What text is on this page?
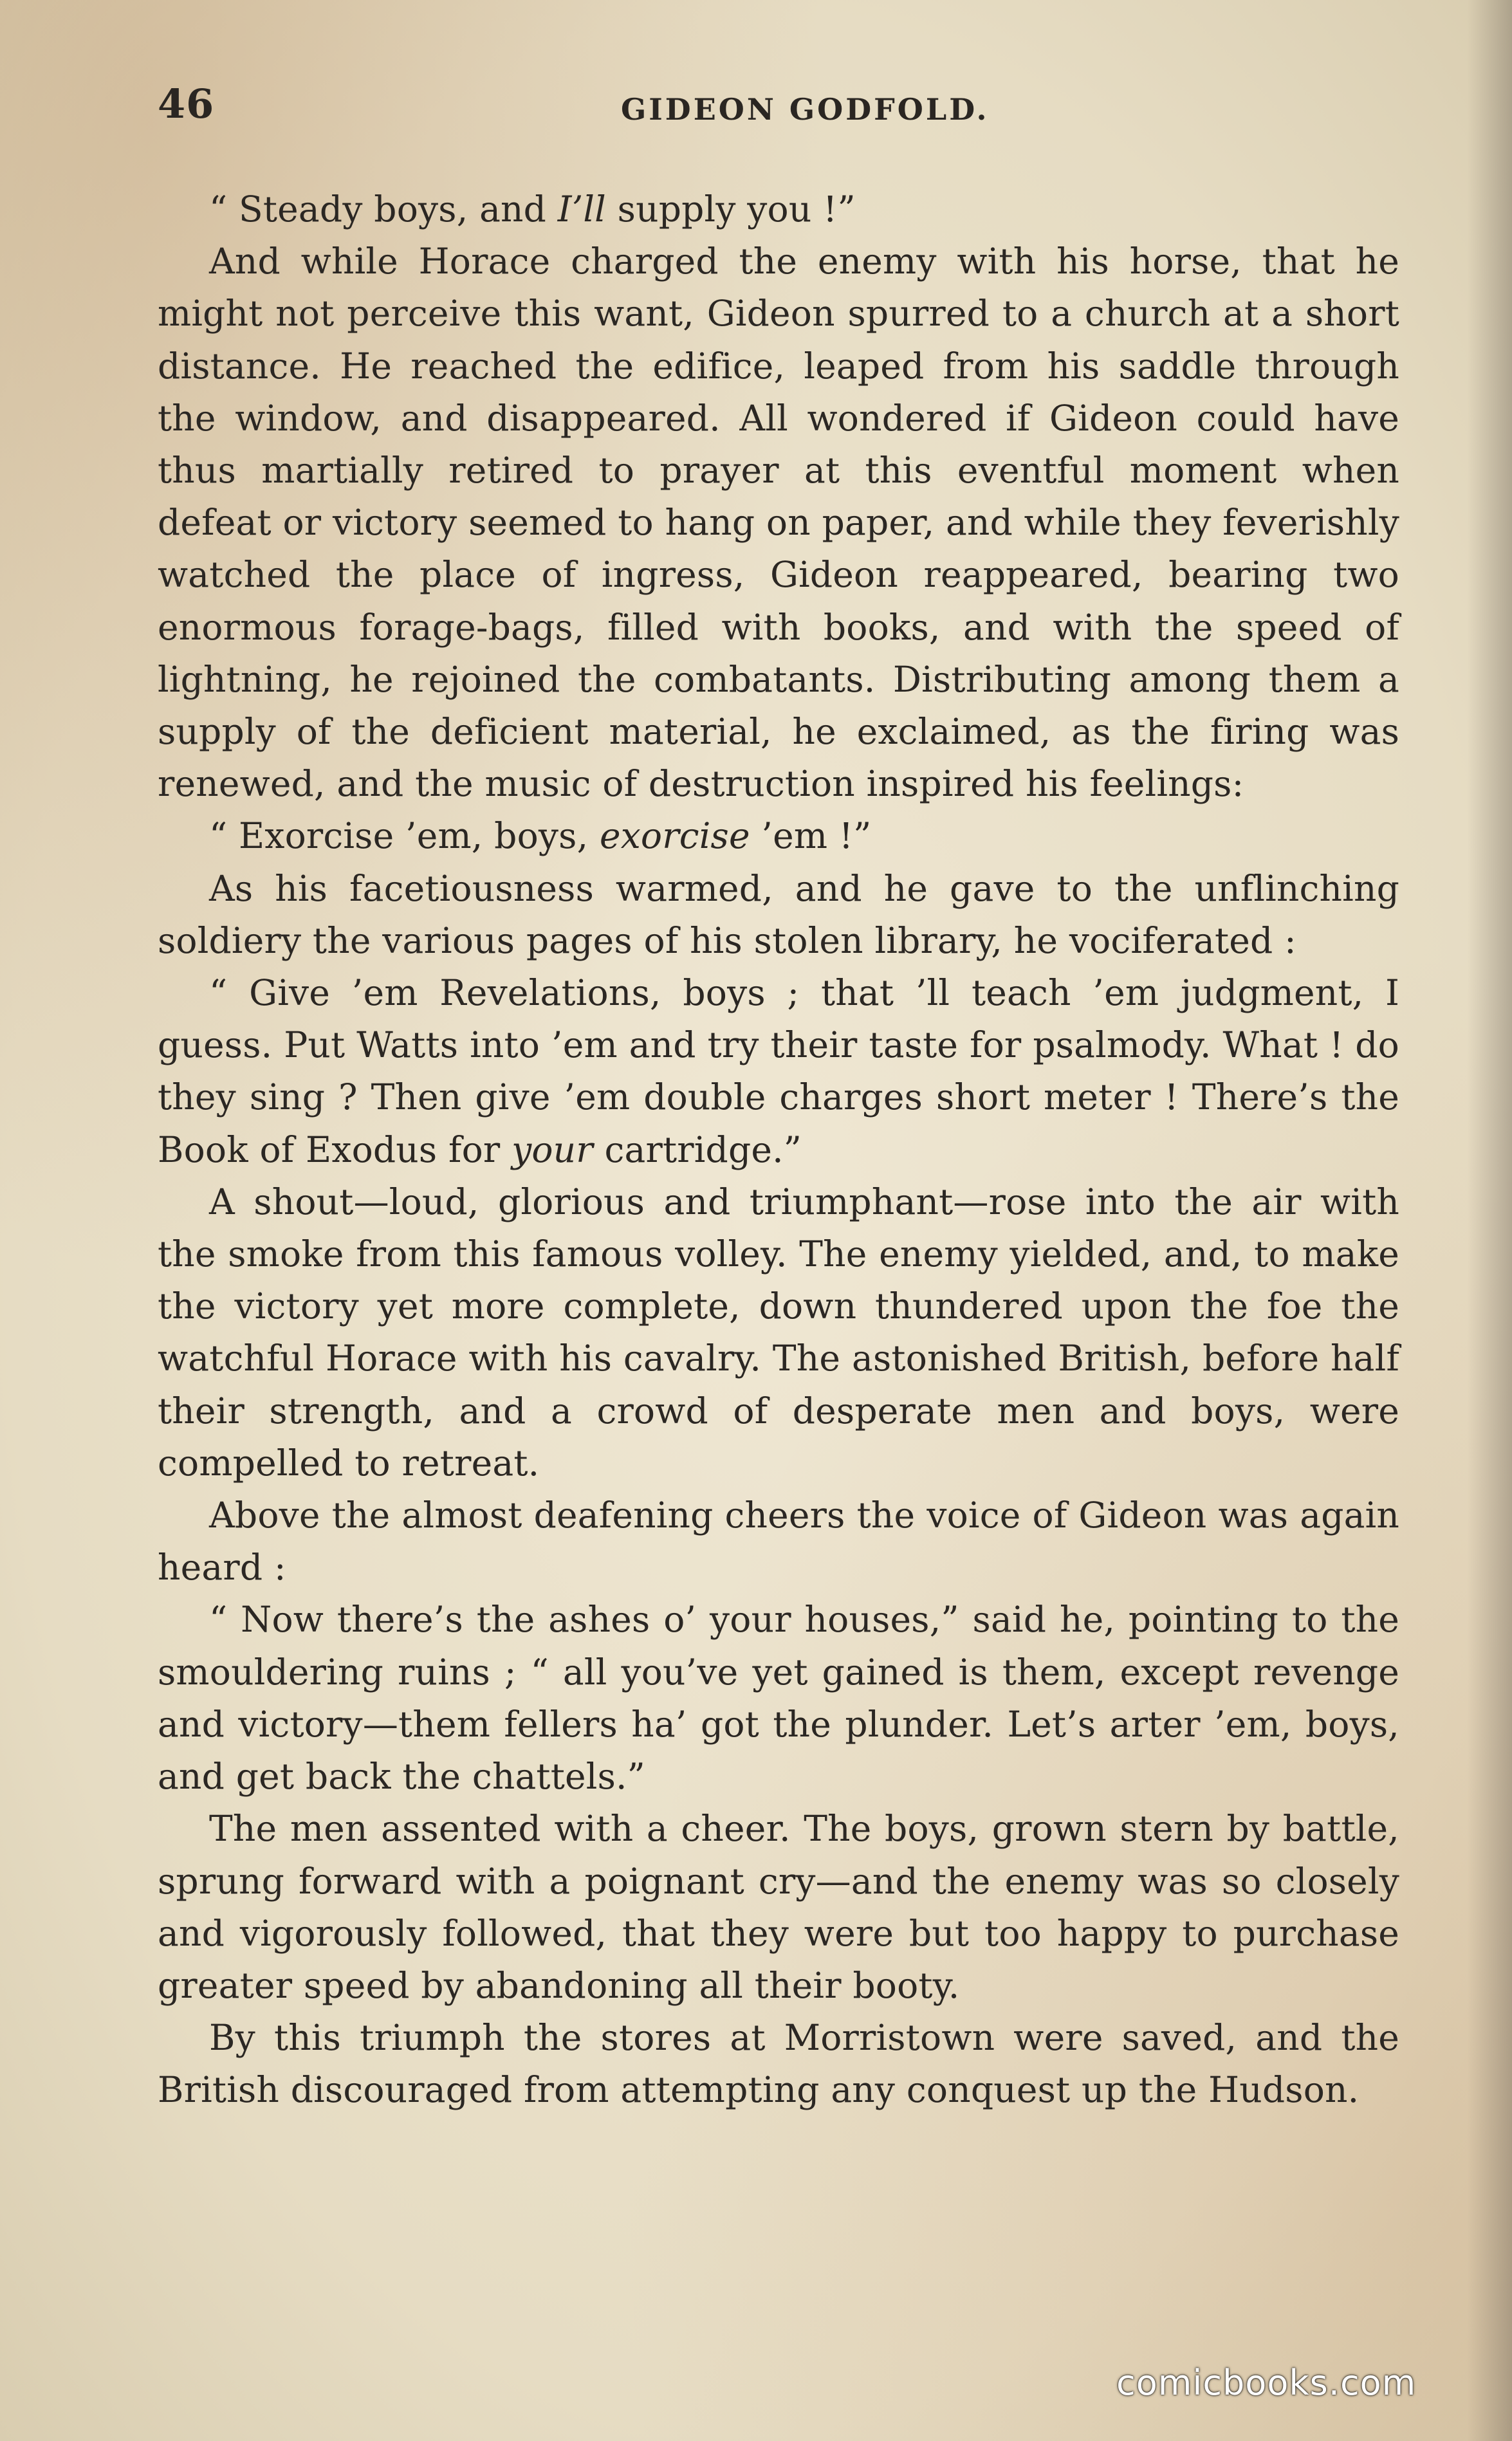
46	GIDEON GODFOLD.

“ Steady boys, and I’ll supply you !”

And while Horace charged the enemy with his horse, that he might not perceive this want, Gideon spurred to a church at a short distance. He reached the edifice, leaped from his saddle through the window, and disappeared. All wondered if Gideon could have thus martially retired to prayer at this eventful moment when defeat or victory seemed to hang on paper, and while they feverishly watched the place of ingress, Gideon reappeared, bearing two enormous forage-bags, filled with books, and with the speed of lightning, he rejoined the combatants. Distributing among them a supply of the deficient material, he exclaimed, as the firing was renewed, and the music of destruction inspired his feelings:

“ Exorcise ’em, boys, exorcise ’em !”

As his facetiousness warmed, and he gave to the unflinching soldiery the various pages of his stolen library, he vociferated :

“ Give ’em Revelations, boys ; that ’ll teach ’em judgment, I guess. Put Watts into ’em and try their taste for psalmody. What ! do they sing ? Then give ’em double charges short meter ! There’s the Book of Exodus for your cartridge.”

A shout—loud, glorious and triumphant—rose into the air with the smoke from this famous volley. The enemy yielded, and, to make the victory yet more complete, down thundered upon the foe the watchful Horace with his cavalry. The astonished British, before half their strength, and a crowd of desperate men and boys, were compelled to retreat.

Above the almost deafening cheers the voice of Gideon was again heard :

“ Now there’s the ashes o’ your houses,” said he, pointing to the smouldering ruins ; “ all you’ve yet gained is them, except revenge and victory—them fellers ha’ got the plunder. Let’s arter ’em, boys, and get back the chattels.”

The men assented with a cheer. The boys, grown stern by battle, sprung forward with a poignant cry—and the enemy was so closely and vigorously followed, that they were but too happy to purchase greater speed by abandoning all their booty.

By this triumph the stores at Morristown were saved, and the British discouraged from attempting any conquest up the Hudson.

comicbooks.com
